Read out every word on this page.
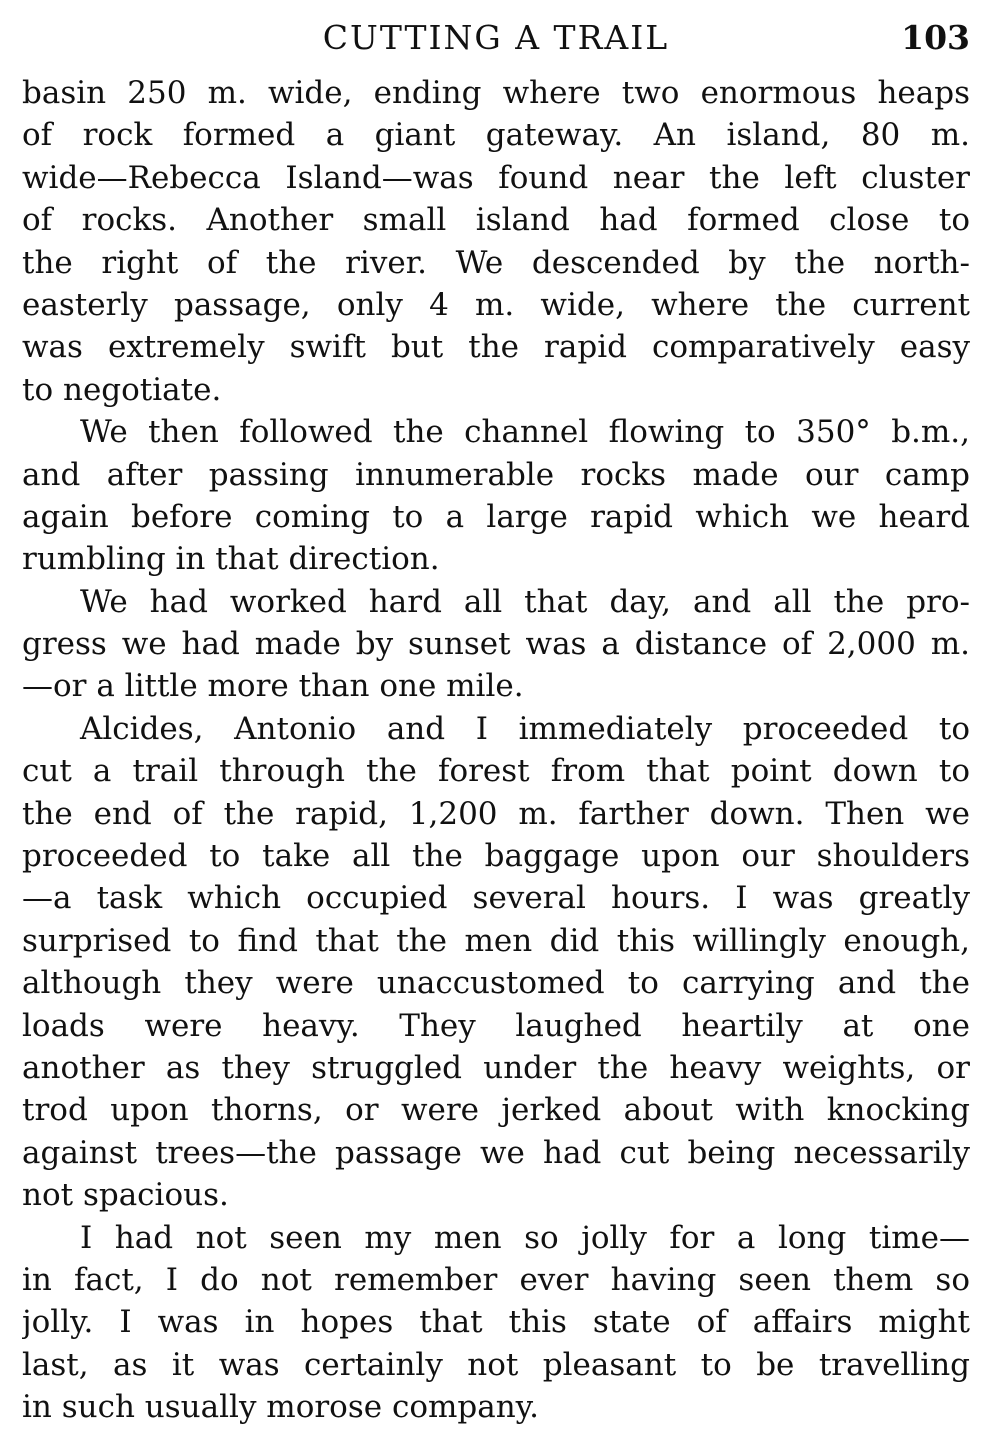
CUTTING A TRAIL	103
basin 250 m. wide, ending where two enormous heaps
of rock formed a giant gateway. An island, 80 m.
wide—Rebecca Island—was found near the left cluster
of rocks. Another small island had formed close to
the right of the river. We descended by the north-
easterly passage, only 4 m. wide, where the current
was extremely swift but the rapid comparatively easy
to negotiate.
We then followed the channel flowing to 350° b.m.,
and after passing innumerable rocks made our camp
again before coming to a large rapid which we heard
rumbling in that direction.
We had worked hard all that day, and all the pro-
gress we had made by sunset was a distance of 2,000 m.
—or a little more than one mile.
Alcides, Antonio and I immediately proceeded to
cut a trail through the forest from that point down to
the end of the rapid, 1,200 m. farther down. Then we
proceeded to take all the baggage upon our shoulders
—a task which occupied several hours. I was greatly
surprised to find that the men did this willingly enough,
although they were unaccustomed to carrying and the
loads were heavy. They laughed heartily at one
another as they struggled under the heavy weights, or
trod upon thorns, or were jerked about with knocking
against trees—the passage we had cut being necessarily
not spacious.
I had not seen my men so jolly for a long time—
in fact, I do not remember ever having seen them so
jolly. I was in hopes that this state of affairs might
last, as it was certainly not pleasant to be travelling
in such usually morose company.
